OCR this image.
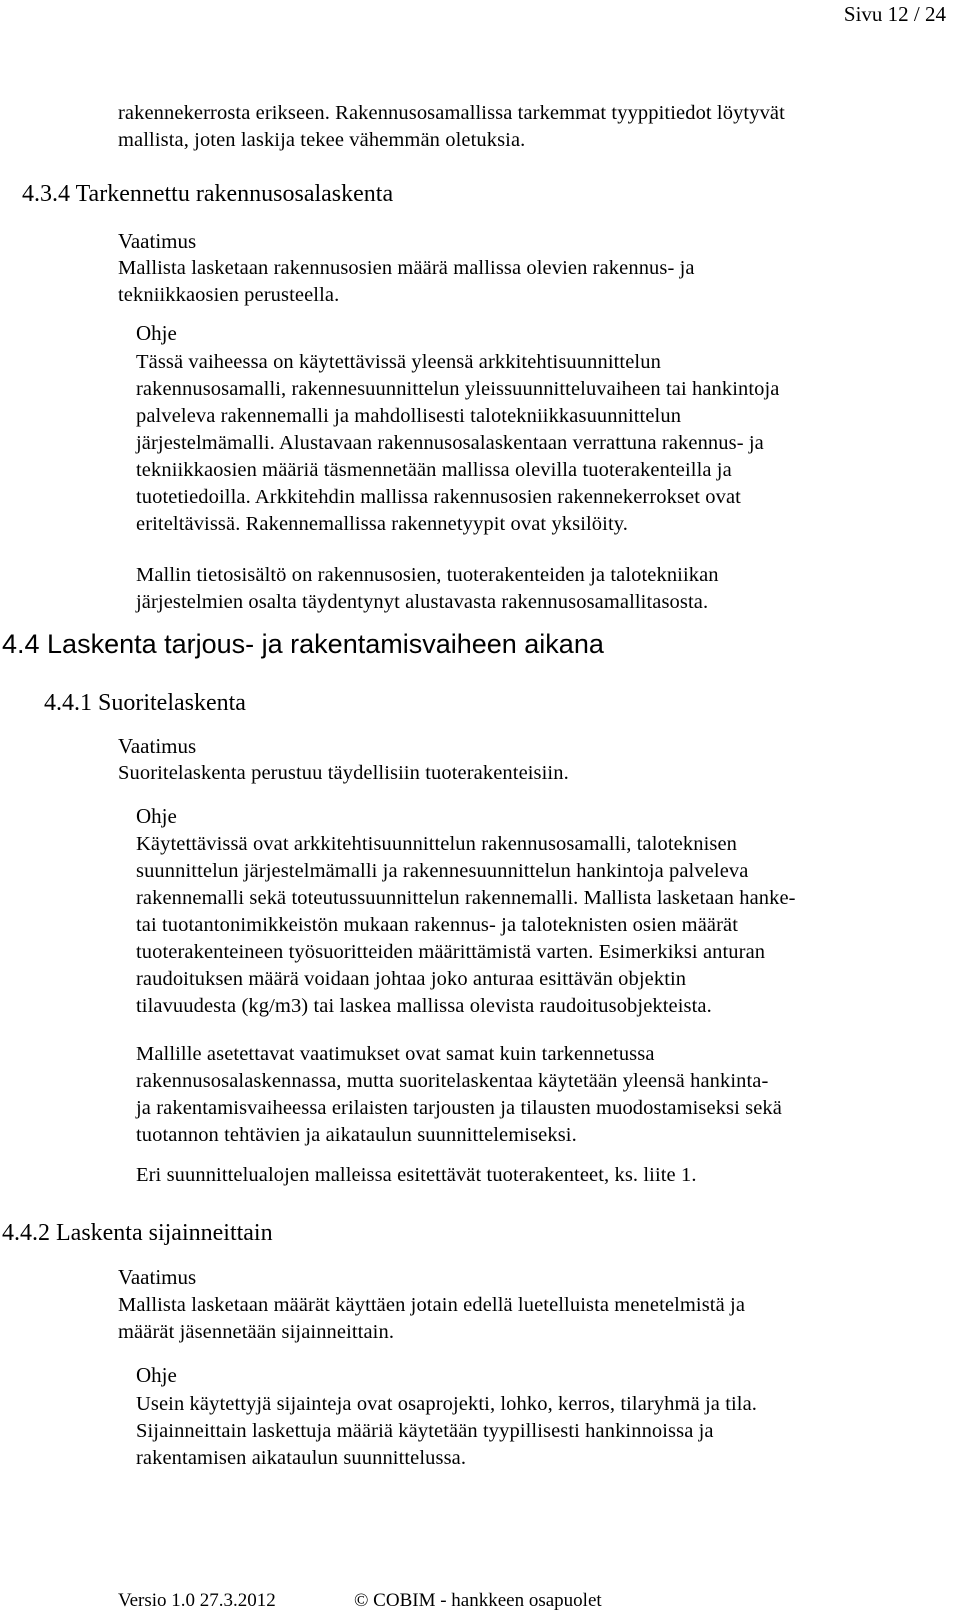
Sivu 12 / 24
rakennekerrosta erikseen. Rakennusosamallissa tarkemmat tyyppitiedot löytyvät
mallista, joten laskija tekee vähemmän oletuksia.
4.3.4 Tarkennettu rakennusosalaskenta
Vaatimus
Mallista lasketaan rakennusosien määrä mallissa olevien rakennus- ja
tekniikkaosien perusteella.
Ohje
Tässä vaiheessa on käytettävissä yleensä arkkitehtisuunnittelun
rakennusosamalli, rakennesuunnittelun yleissuunnitteluvaiheen tai hankintoja
palveleva rakennemalli ja mahdollisesti talotekniikkasuunnittelun
järjestelmämalli. Alustavaan rakennusosalaskentaan verrattuna rakennus- ja
tekniikkaosien määriä täsmennetään mallissa olevilla tuoterakenteilla ja
tuotetiedoilla. Arkkitehdin mallissa rakennusosien rakennekerrokset ovat
eriteltävissä. Rakennemallissa rakennetyypit ovat yksilöity.
Mallin tietosisältö on rakennusosien, tuoterakenteiden ja talotekniikan
järjestelmien osalta täydentynyt alustavasta rakennusosamallitasosta.
4.4 Laskenta tarjous- ja rakentamisvaiheen aikana
4.4.1 Suoritelaskenta
Vaatimus
Suoritelaskenta perustuu täydellisiin tuoterakenteisiin.
Ohje
Käytettävissä ovat arkkitehtisuunnittelun rakennusosamalli, taloteknisen
suunnittelun järjestelmämalli ja rakennesuunnittelun hankintoja palveleva
rakennemalli sekä toteutussuunnittelun rakennemalli. Mallista lasketaan hanke-
tai tuotantonimikkeistön mukaan rakennus- ja taloteknisten osien määrät
tuoterakenteineen työsuoritteiden määrittämistä varten. Esimerkiksi anturan
raudoituksen määrä voidaan johtaa joko anturaa esittävän objektin
tilavuudesta (kg/m3) tai laskea mallissa olevista raudoitusobjekteista.
Mallille asetettavat vaatimukset ovat samat kuin tarkennetussa
rakennusosalaskennassa, mutta suoritelaskentaa käytetään yleensä hankinta-
ja rakentamisvaiheessa erilaisten tarjousten ja tilausten muodostamiseksi sekä
tuotannon tehtävien ja aikataulun suunnittelemiseksi.
Eri suunnittelualojen malleissa esitettävät tuoterakenteet, ks. liite 1.
4.4.2 Laskenta sijainneittain
Vaatimus
Mallista lasketaan määrät käyttäen jotain edellä luetelluista menetelmistä ja
määrät jäsennetään sijainneittain.
Ohje
Usein käytettyjä sijainteja ovat osaprojekti, lohko, kerros, tilaryhmä ja tila.
Sijainneittain laskettuja määriä käytetään tyypillisesti hankinnoissa ja
rakentamisen aikataulun suunnittelussa.
Versio 1.0 27.3.2012	© COBIM - hankkeen osapuolet
